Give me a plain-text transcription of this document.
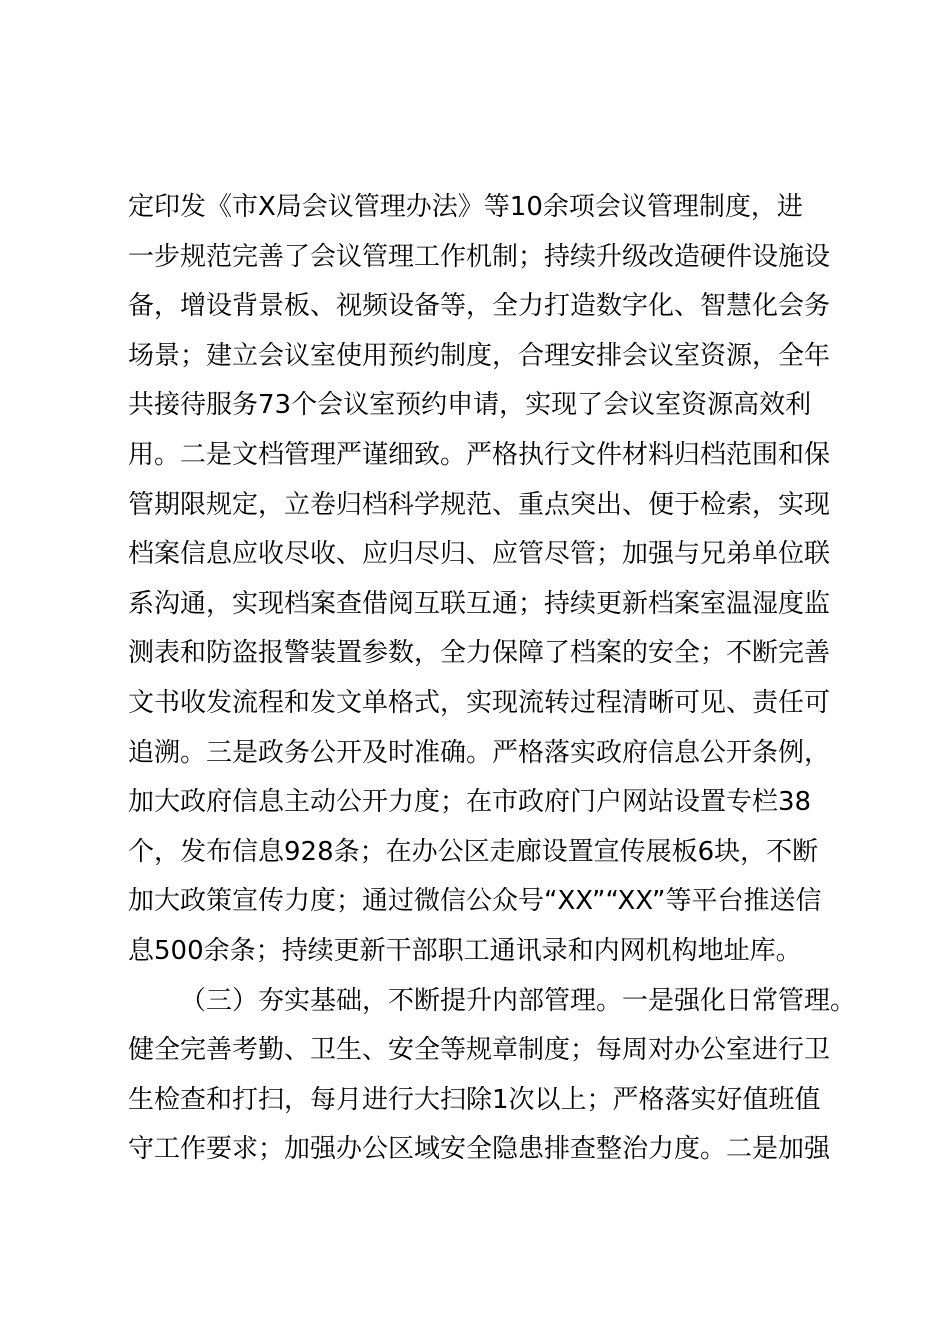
定印发《市X局会议管理办法》等10余项会议管理制度，进
一步规范完善了会议管理工作机制；持续升级改造硬件设施设
备，增设背景板、视频设备等，全力打造数字化、智慧化会务
场景；建立会议室使用预约制度，合理安排会议室资源，全年
共接待服务73个会议室预约申请，实现了会议室资源高效利
用。二是文档管理严谨细致。严格执行文件材料归档范围和保
管期限规定，立卷归档科学规范、重点突出、便于检索，实现
档案信息应收尽收、应归尽归、应管尽管；加强与兄弟单位联
系沟通，实现档案查借阅互联互通；持续更新档案室温湿度监
测表和防盗报警装置参数，全力保障了档案的安全；不断完善
文书收发流程和发文单格式，实现流转过程清晰可见、责任可
追溯。三是政务公开及时准确。严格落实政府信息公开条例，
加大政府信息主动公开力度；在市政府门户网站设置专栏38
个，发布信息928条；在办公区走廊设置宣传展板6块，不断
加大政策宣传力度；通过微信公众号“XX”“XX”等平台推送信
息500余条；持续更新干部职工通讯录和内网机构地址库。
（三）夯实基础，不断提升内部管理。一是强化日常管理。
健全完善考勤、卫生、安全等规章制度；每周对办公室进行卫
生检查和打扫，每月进行大扫除1次以上；严格落实好值班值
守工作要求；加强办公区域安全隐患排查整治力度。二是加强
